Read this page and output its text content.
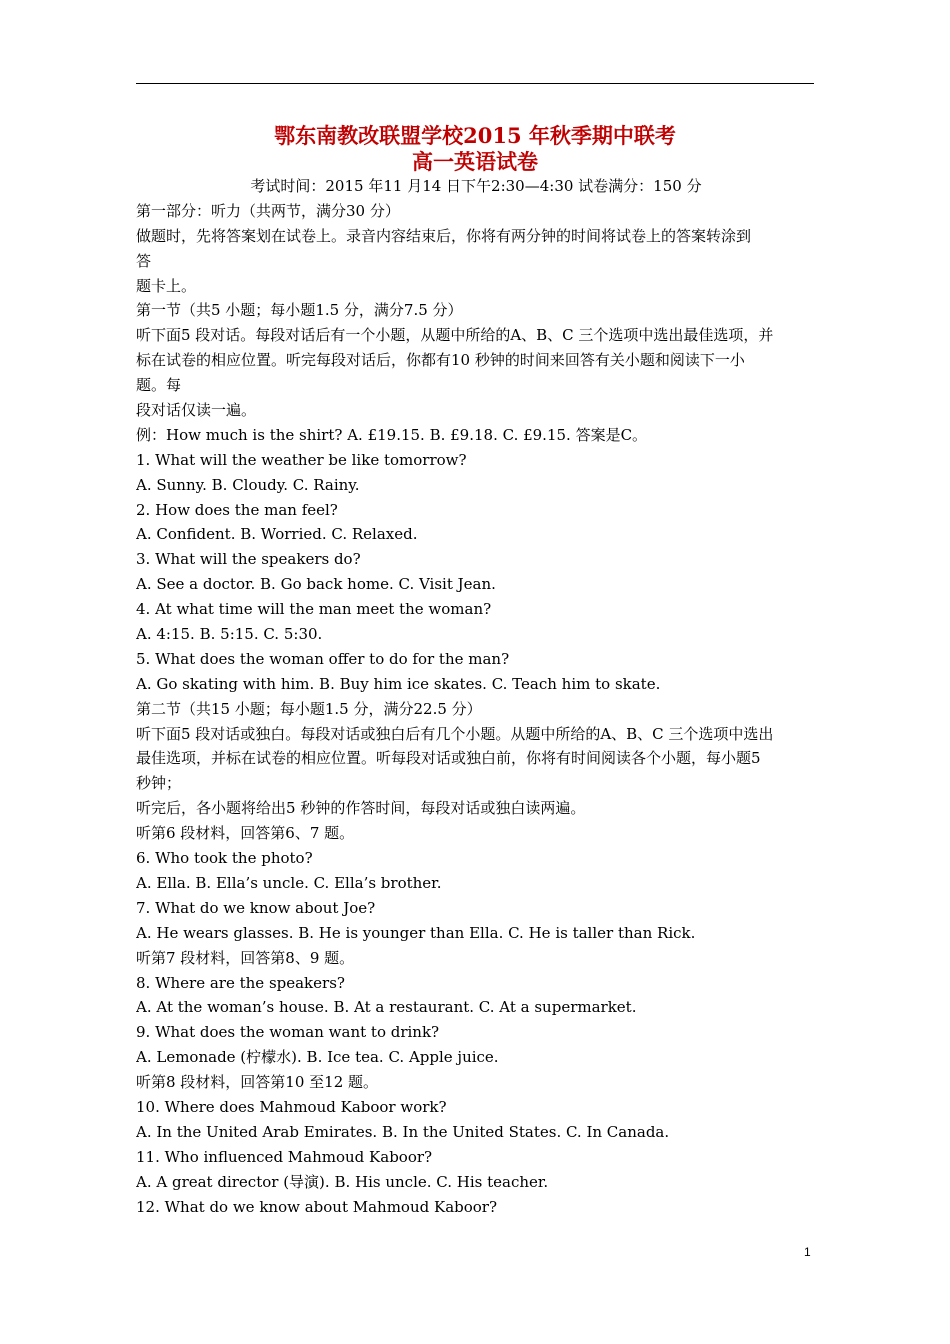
鄂东南教改联盟学校2015 年秋季期中联考
高一英语试卷
考试时间：2015 年11 月14 日下午2:30—4:30 试卷满分：150 分
第一部分：听力（共两节，满分30 分）
做题时，先将答案划在试卷上。录音内容结束后，你将有两分钟的时间将试卷上的答案转涂到
答
题卡上。
第一节（共5 小题；每小题1.5 分，满分7.5 分）
听下面5 段对话。每段对话后有一个小题，从题中所给的A、B、C 三个选项中选出最佳选项，并
标在试卷的相应位置。听完每段对话后，你都有10 秒钟的时间来回答有关小题和阅读下一小
题。每
段对话仅读一遍。
例：How much is the shirt? A. £19.15. B. £9.18. C. £9.15. 答案是C。
1. What will the weather be like tomorrow?
A. Sunny. B. Cloudy. C. Rainy.
2. How does the man feel?
A. Confident. B. Worried. C. Relaxed.
3. What will the speakers do?
A. See a doctor. B. Go back home. C. Visit Jean.
4. At what time will the man meet the woman?
A. 4:15. B. 5:15. C. 5:30.
5. What does the woman offer to do for the man?
A. Go skating with him. B. Buy him ice skates. C. Teach him to skate.
第二节（共15 小题；每小题1.5 分，满分22.5 分）
听下面5 段对话或独白。每段对话或独白后有几个小题。从题中所给的A、B、C 三个选项中选出
最佳选项，并标在试卷的相应位置。听每段对话或独白前，你将有时间阅读各个小题，每小题5
秒钟；
听完后，各小题将给出5 秒钟的作答时间，每段对话或独白读两遍。
听第6 段材料，回答第6、7 题。
6. Who took the photo?
A. Ella. B. Ella’s uncle. C. Ella’s brother.
7. What do we know about Joe?
A. He wears glasses. B. He is younger than Ella. C. He is taller than Rick.
听第7 段材料，回答第8、9 题。
8. Where are the speakers?
A. At the woman’s house. B. At a restaurant. C. At a supermarket.
9. What does the woman want to drink?
A. Lemonade (柠檬水). B. Ice tea. C. Apple juice.
听第8 段材料，回答第10 至12 题。
10. Where does Mahmoud Kaboor work?
A. In the United Arab Emirates. B. In the United States. C. In Canada.
11. Who influenced Mahmoud Kaboor?
A. A great director (导演). B. His uncle. C. His teacher.
12. What do we know about Mahmoud Kaboor?
1
